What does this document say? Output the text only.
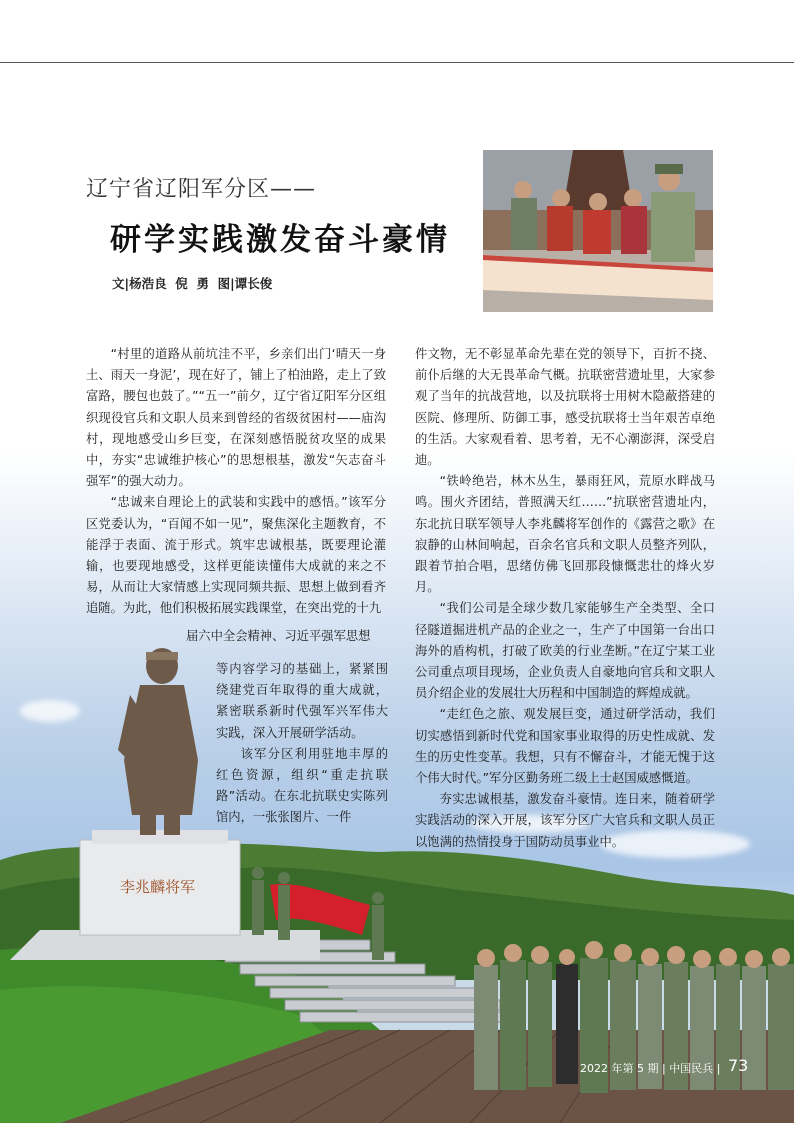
李兆麟将军
辽宁省辽阳军分区——
研学实践激发奋斗豪情
文|杨浩良  倪  勇  图|谭长俊

“村里的道路从前坑洼不平，乡亲们出门‘晴天一身土、雨天一身泥’，现在好了，铺上了柏油路，走上了致富路，腰包也鼓了。”“五一”前夕，辽宁省辽阳军分区组织现役官兵和文职人员来到曾经的省级贫困村——庙沟村，现地感受山乡巨变，在深刻感悟脱贫攻坚的成果中，夯实“忠诚维护核心”的思想根基，激发“矢志奋斗强军”的强大动力。

“忠诚来自理论上的武装和实践中的感悟。”该军分区党委认为，“百闻不如一见”，聚焦深化主题教育，不能浮于表面、流于形式。筑牢忠诚根基，既要理论灌输，也要现地感受，这样更能读懂伟大成就的来之不易，从而让大家情感上实现同频共振、思想上做到看齐追随。为此，他们积极拓展实践课堂，在突出党的十九

届六中全会精神、习近平强军思想

等内容学习的基础上，紧紧围绕建党百年取得的重大成就，紧密联系新时代强军兴军伟大实践，深入开展研学活动。

该军分区利用驻地丰厚的红色资源，组织“重走抗联路”活动。在东北抗联史实陈列馆内，一张张图片、一件

件文物，无不彰显革命先辈在党的领导下，百折不挠、前仆后继的大无畏革命气概。抗联密营遗址里，大家参观了当年的抗战营地，以及抗联将士用树木隐蔽搭建的医院、修理所、防御工事，感受抗联将士当年艰苦卓绝的生活。大家观看着、思考着，无不心潮澎湃，深受启迪。

“铁岭绝岩，林木丛生，暴雨狂风，荒原水畔战马鸣。围火齐团结，普照满天红……”抗联密营遗址内，东北抗日联军领导人李兆麟将军创作的《露营之歌》在寂静的山林间响起，百余名官兵和文职人员整齐列队，跟着节拍合唱，思绪仿佛飞回那段慷慨悲壮的烽火岁月。

“我们公司是全球少数几家能够生产全类型、全口径隧道掘进机产品的企业之一，生产了中国第一台出口海外的盾构机，打破了欧美的行业垄断。”在辽宁某工业公司重点项目现场，企业负责人自豪地向官兵和文职人员介绍企业的发展壮大历程和中国制造的辉煌成就。

“走红色之旅、观发展巨变，通过研学活动，我们切实感悟到新时代党和国家事业取得的历史性成就、发生的历史性变革。我想，只有不懈奋斗，才能无愧于这个伟大时代。”军分区勤务班二级上士赵国威感慨道。

夯实忠诚根基，激发奋斗豪情。连日来，随着研学实践活动的深入开展，该军分区广大官兵和文职人员正以饱满的热情投身于国防动员事业中。

2022 年第 5 期 | 中国民兵 | 73
